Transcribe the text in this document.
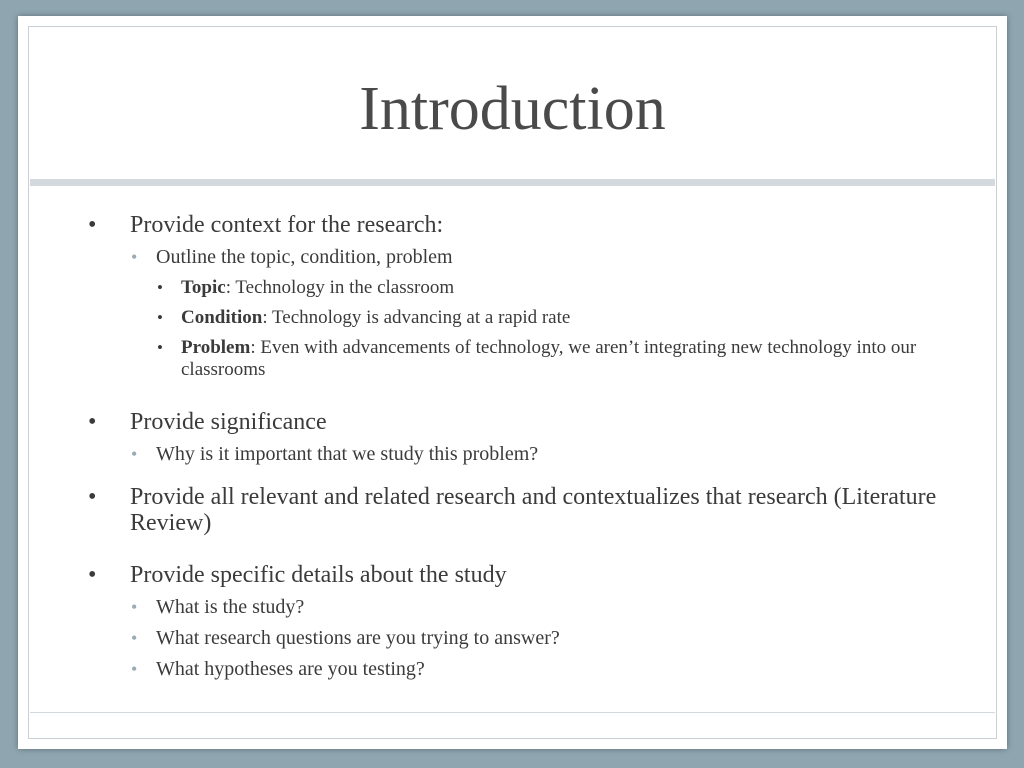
Introduction
• Provide context for the research:
• Outline the topic, condition, problem
• Topic: Technology in the classroom
• Condition: Technology is advancing at a rapid rate
• Problem: Even with advancements of technology, we aren’t integrating new technology into our classrooms
• Provide significance
• Why is it important that we study this problem?
• Provide all relevant and related research and contextualizes that research (Literature Review)
• Provide specific details about the study
• What is the study?
• What research questions are you trying to answer?
• What hypotheses are you testing?
